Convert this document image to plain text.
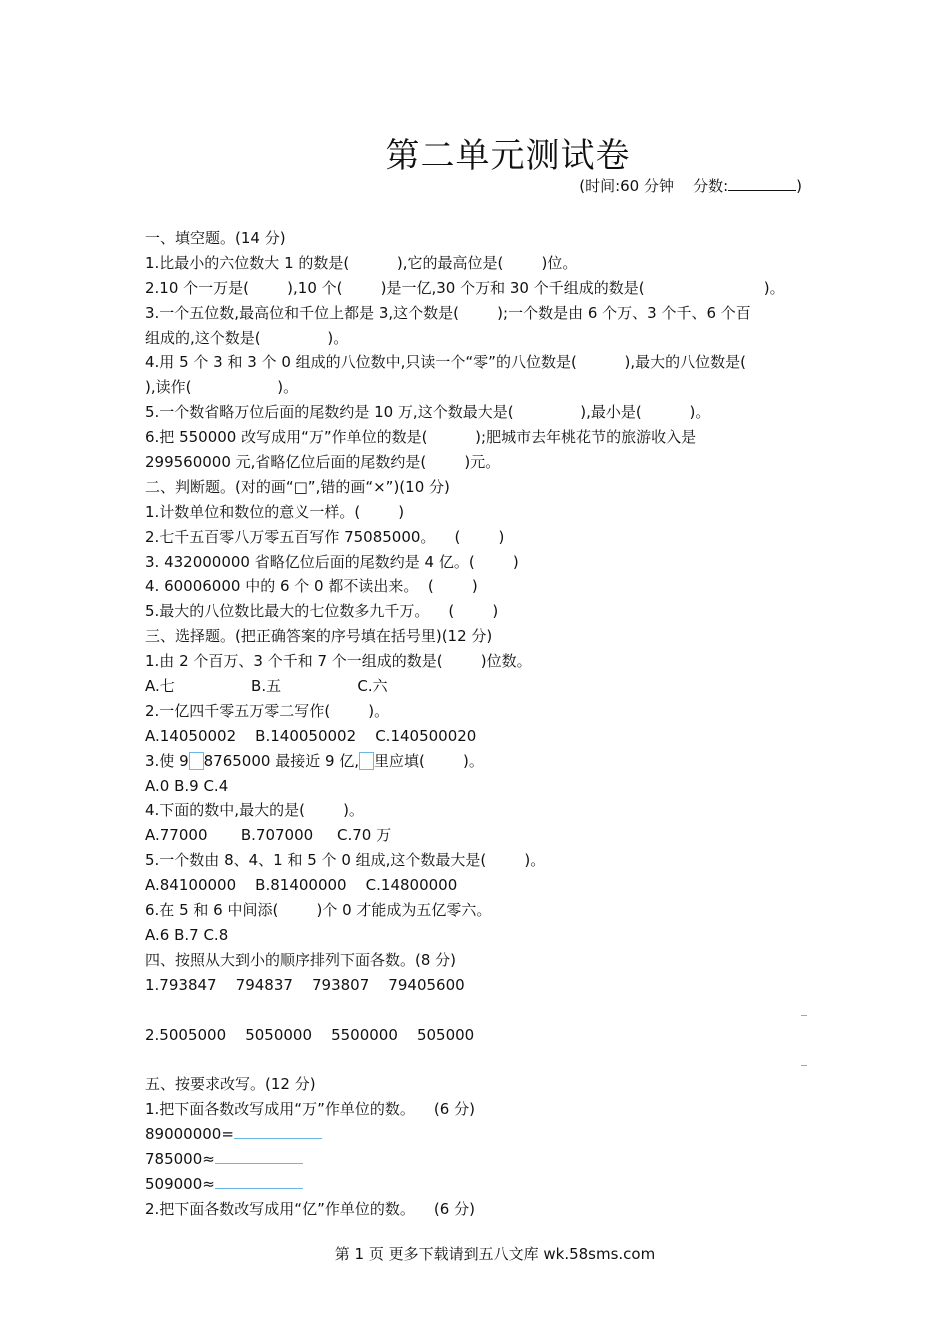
第二单元测试卷
(时间:60 分钟 分数:	)
一、填空题。(14 分)
1.比最小的六位数大 1 的数是(          ),它的最高位是(        )位。
2.10 个一万是(        ),10 个(        )是一亿,30 个万和 30 个千组成的数是(                         )。
3.一个五位数,最高位和千位上都是 3,这个数是(        );一个数是由 6 个万、3 个千、6 个百
组成的,这个数是(              )。
4.用 5 个 3 和 3 个 0 组成的八位数中,只读一个“零”的八位数是(          ),最大的八位数是(
),读作(                  )。
5.一个数省略万位后面的尾数约是 10 万,这个数最大是(              ),最小是(          )。
6.把 550000 改写成用“万”作单位的数是(          );肥城市去年桃花节的旅游收入是
299560000 元,省略亿位后面的尾数约是(        )元。
二、判断题。(对的画“□”,错的画“×”)(10 分)
1.计数单位和数位的意义一样。(        )
2.七千五百零八万零五百写作 75085000。    (        )
3. 432000000 省略亿位后面的尾数约是 4 亿。(        )
4. 60006000 中的 6 个 0 都不读出来。  (        )
5.最大的八位数比最大的七位数多九千万。    (        )
三、选择题。(把正确答案的序号填在括号里)(12 分)
1.由 2 个百万、3 个千和 7 个一组成的数是(        )位数。
A.七                B.五                C.六
2.一亿四千零五万零二写作(        )。
A.14050002    B.140050002    C.140500020
3.使 9 8765000 最接近 9 亿, 里应填(        )。
A.0 B.9 C.4
4.下面的数中,最大的是(        )。
A.77000       B.707000     C.70 万
5.一个数由 8、4、1 和 5 个 0 组成,这个数最大是(        )。
A.84100000    B.81400000    C.14800000
6.在 5 和 6 中间添(        )个 0 才能成为五亿零六。
A.6 B.7 C.8
四、按照从大到小的顺序排列下面各数。(8 分)
1.793847    794837    793807    79405600
2.5005000    5050000    5500000    505000
五、按要求改写。(12 分)
1.把下面各数改写成用“万”作单位的数。    (6 分)
89000000=
785000≈
509000≈
2.把下面各数改写成用“亿”作单位的数。    (6 分)
第 1 页 更多下载请到五八文库 wk.58sms.com
